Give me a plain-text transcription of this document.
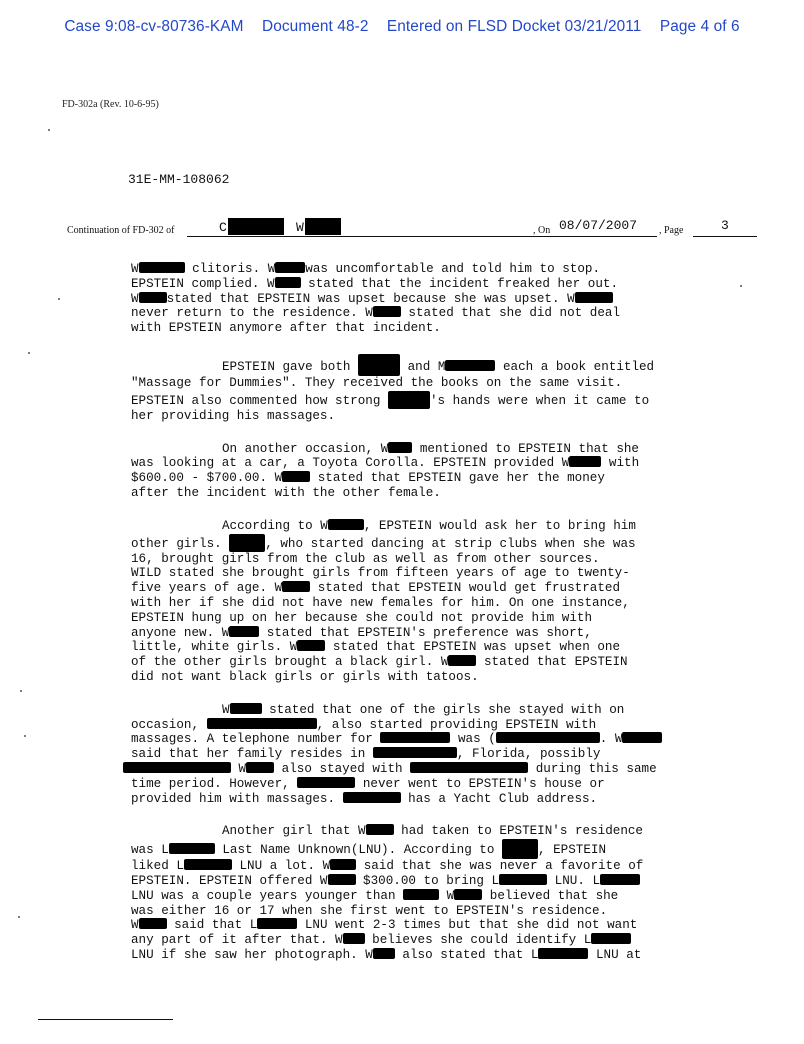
Case 9:08-cv-80736-KAM Document 48-2 Entered on FLSD Docket 03/21/2011 Page 4 of 6
FD-302a (Rev. 10-6-95)
31E-MM-108062
Continuation of FD-302 of	C	W	, On 08/07/2007 , Page	3
W	clitoris. W was uncomfortable and told him to stop.
EPSTEIN complied. W stated that the incident freaked her out.
W stated that EPSTEIN was upset because she was upset. W
never return to the residence. W stated that she did not deal
with EPSTEIN anymore after that incident.
EPSTEIN gave both	and M	each a book entitled
"Massage for Dummies". They received the books on the same visit.
EPSTEIN also commented how strong	's hands were when it came to
her providing his massages.
On another occasion, W mentioned to EPSTEIN that she
was looking at a car, a Toyota Corolla. EPSTEIN provided W	with
$600.00 - $700.00. W stated that EPSTEIN gave her the money
after the incident with the other female.
According to W	, EPSTEIN would ask her to bring him
other girls.	, who started dancing at strip clubs when she was
16, brought girls from the club as well as from other sources.
WILD stated she brought girls from fifteen years of age to twenty-
five years of age. W stated that EPSTEIN would get frustrated
with her if she did not have new females for him. On one instance,
EPSTEIN hung up on her because she could not provide him with
anyone new. W stated that EPSTEIN's preference was short,
little, white girls. W stated that EPSTEIN was upset when one
of the other girls brought a black girl. W stated that EPSTEIN
did not want black girls or girls with tatoos.
W	stated that one of the girls she stayed with on
occasion,	, also started providing EPSTEIN with
massages. A telephone number for	was (	. W
said that her family resides in	, Florida, possibly
W also stayed with	during this same
time period. However,	never went to EPSTEIN's house or
provided him with massages.	has a Yacht Club address.
Another girl that W had taken to EPSTEIN's residence
was L	Last Name Unknown(LNU). According to	, EPSTEIN
liked L	LNU a lot. W said that she was never a favorite of
EPSTEIN. EPSTEIN offered W $300.00 to bring L	LNU. L
LNU was a couple years younger than	W believed that she
was either 16 or 17 when she first went to EPSTEIN's residence.
W said that L	LNU went 2-3 times but that she did not want
any part of it after that. W believes she could identify L
LNU if she saw her photograph. W also stated that L	LNU at
